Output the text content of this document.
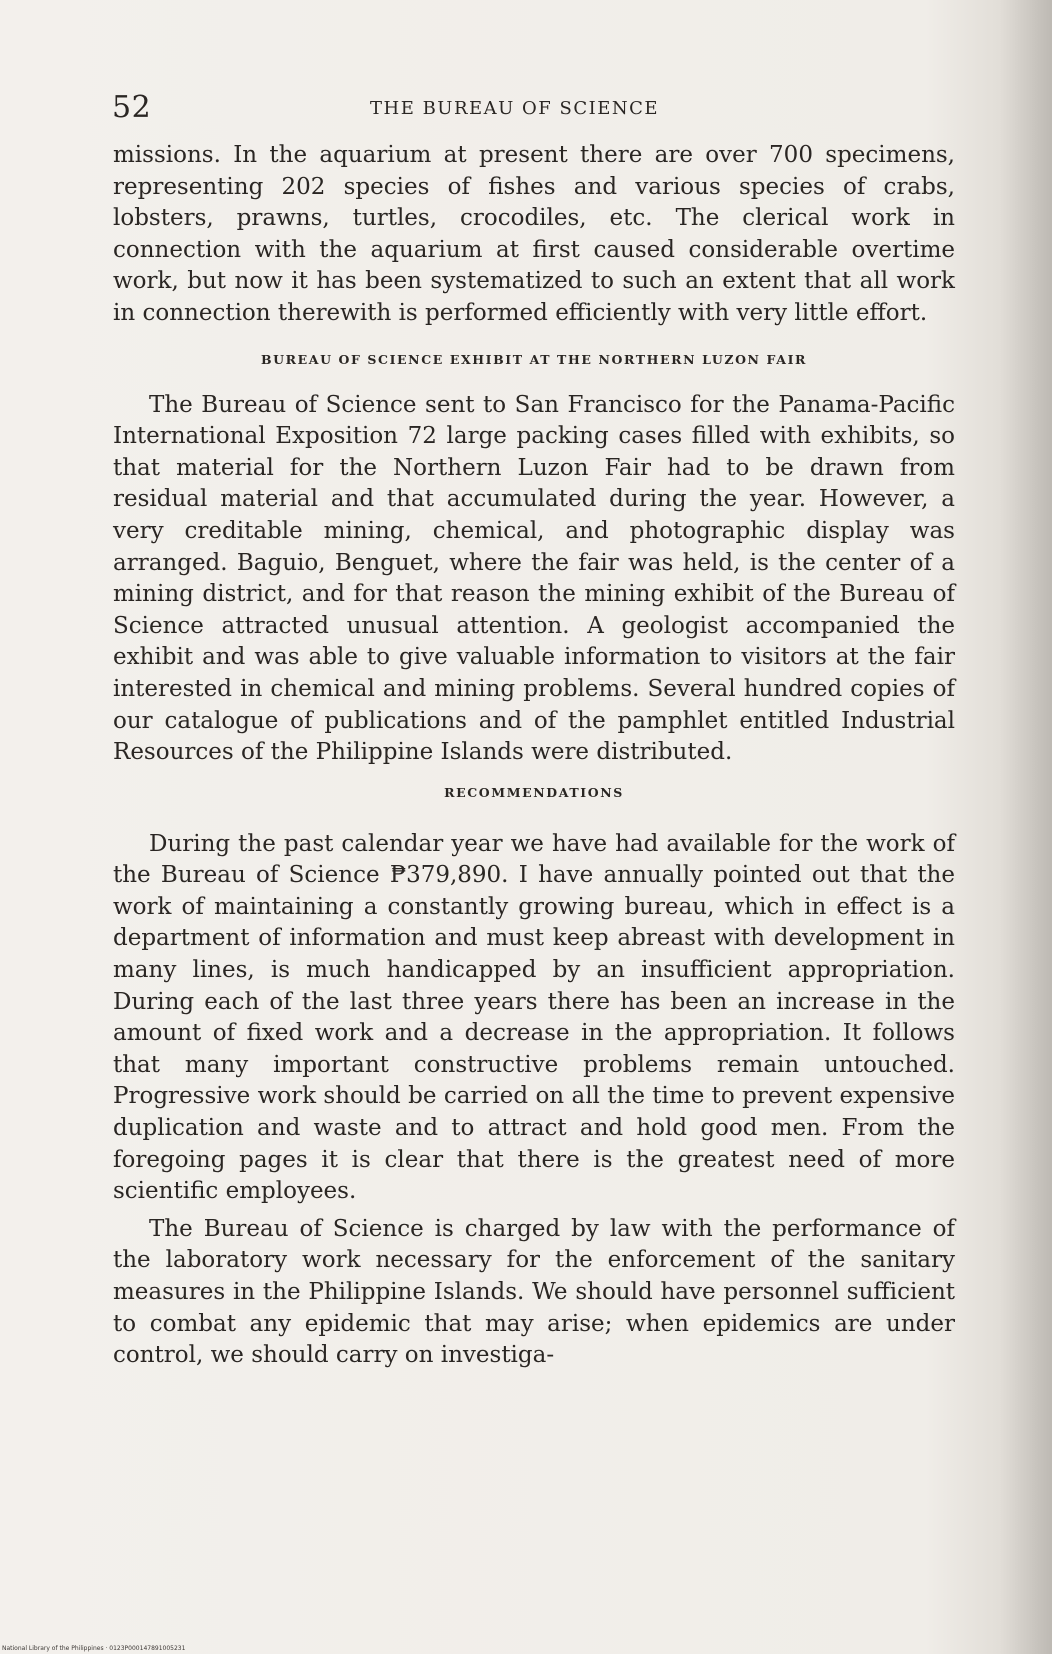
52	THE BUREAU OF SCIENCE

missions. In the aquarium at present there are over 700 specimens, representing 202 species of fishes and various species of crabs, lobsters, prawns, turtles, crocodiles, etc. The clerical work in connection with the aquarium at first caused considerable overtime work, but now it has been systematized to such an extent that all work in connection therewith is performed efficiently with very little effort.

BUREAU OF SCIENCE EXHIBIT AT THE NORTHERN LUZON FAIR

The Bureau of Science sent to San Francisco for the Panama-Pacific International Exposition 72 large packing cases filled with exhibits, so that material for the Northern Luzon Fair had to be drawn from residual material and that accumulated during the year. However, a very creditable mining, chemical, and photographic display was arranged. Baguio, Benguet, where the fair was held, is the center of a mining district, and for that reason the mining exhibit of the Bureau of Science attracted unusual attention. A geologist accompanied the exhibit and was able to give valuable information to visitors at the fair interested in chemical and mining problems. Several hundred copies of our catalogue of publications and of the pamphlet entitled Industrial Resources of the Philippine Islands were distributed.

RECOMMENDATIONS

During the past calendar year we have had available for the work of the Bureau of Science ₱379,890. I have annually pointed out that the work of maintaining a constantly growing bureau, which in effect is a department of information and must keep abreast with development in many lines, is much handicapped by an insufficient appropriation. During each of the last three years there has been an increase in the amount of fixed work and a decrease in the appropriation. It follows that many important constructive problems remain untouched. Progressive work should be carried on all the time to prevent expensive duplication and waste and to attract and hold good men. From the foregoing pages it is clear that there is the greatest need of more scientific employees.

The Bureau of Science is charged by law with the performance of the laboratory work necessary for the enforcement of the sanitary measures in the Philippine Islands. We should have personnel sufficient to combat any epidemic that may arise; when epidemics are under control, we should carry on investiga-

National Library of the Philippines · 0123P000147891005231
